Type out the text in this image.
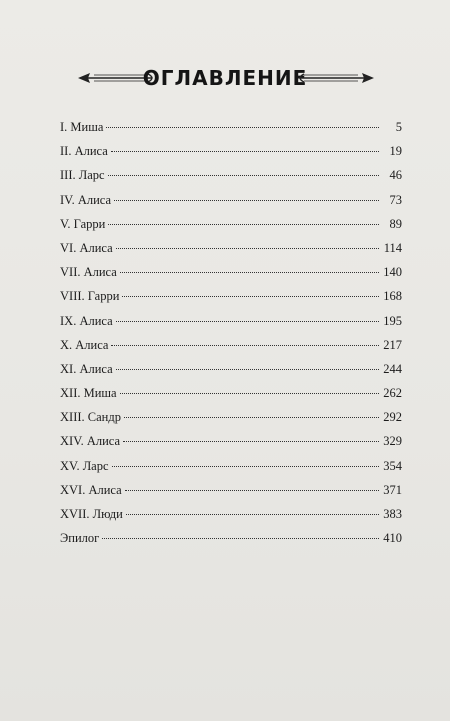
ОГЛАВЛЕНИЕ
I. Миша	5
II. Алиса	19
III. Ларс	46
IV. Алиса	73
V. Гарри	89
VI. Алиса	114
VII. Алиса	140
VIII. Гарри	168
IX. Алиса	195
X. Алиса	217
XI. Алиса	244
XII. Миша	262
XIII. Сандр	292
XIV. Алиса	329
XV. Ларс	354
XVI. Алиса	371
XVII. Люди	383
Эпилог	410
